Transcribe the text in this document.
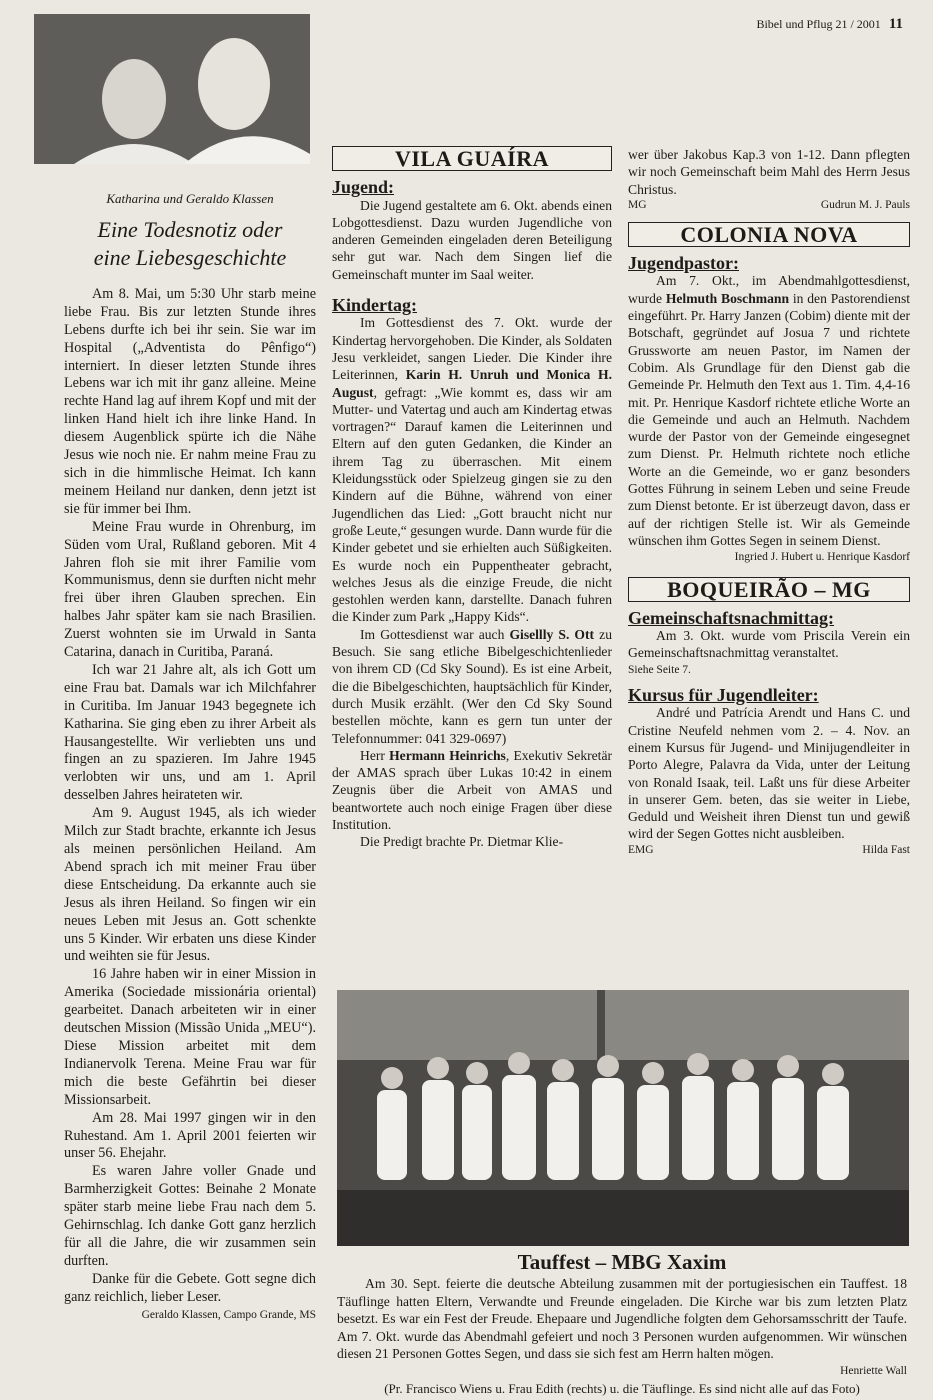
Bibel und Pflug 21 / 2001 11
Katharina und Geraldo Klassen
Eine Todesnotiz oder
eine Liebesgeschichte

Am 8. Mai, um 5:30 Uhr starb meine liebe Frau. Bis zur letzten Stunde ihres Lebens durfte ich bei ihr sein. Sie war im Hospital („Adventista do Pênfigo“) interniert. In dieser letzten Stunde ihres Lebens war ich mit ihr ganz alleine. Meine rechte Hand lag auf ihrem Kopf und mit der linken Hand hielt ich ihre linke Hand. In diesem Augenblick spürte ich die Nähe Jesus wie noch nie. Er nahm meine Frau zu sich in die himmlische Heimat. Ich kann meinem Heiland nur danken, denn jetzt ist sie für immer bei Ihm.

Meine Frau wurde in Ohrenburg, im Süden vom Ural, Rußland geboren. Mit 4 Jahren floh sie mit ihrer Familie vom Kommunismus, denn sie durften nicht mehr frei über ihren Glauben sprechen. Ein halbes Jahr später kam sie nach Brasilien. Zuerst wohnten sie im Urwald in Santa Catarina, danach in Curitiba, Paraná.

Ich war 21 Jahre alt, als ich Gott um eine Frau bat. Damals war ich Milchfahrer in Curitiba. Im Januar 1943 begegnete ich Katharina. Sie ging eben zu ihrer Arbeit als Hausangestellte. Wir verliebten uns und fingen an zu spazieren. Im Jahre 1945 verlobten wir uns, und am 1. April desselben Jahres heirateten wir.

Am 9. August 1945, als ich wieder Milch zur Stadt brachte, erkannte ich Jesus als meinen persönlichen Heiland. Am Abend sprach ich mit meiner Frau über diese Entscheidung. Da erkannte auch sie Jesus als ihren Heiland. So fingen wir ein neues Leben mit Jesus an. Gott schenkte uns 5 Kinder. Wir erbaten uns diese Kinder und weihten sie für Jesus.

16 Jahre haben wir in einer Mission in Amerika (Sociedade missionária oriental) gearbeitet. Danach arbeiteten wir in einer deutschen Mission (Missão Unida „MEU“). Diese Mission arbeitet mit dem Indianervolk Terena. Meine Frau war für mich die beste Gefährtin bei dieser Missionsarbeit.

Am 28. Mai 1997 gingen wir in den Ruhestand. Am 1. April 2001 feierten wir unser 56. Ehejahr.

Es waren Jahre voller Gnade und Barmherzigkeit Gottes: Beinahe 2 Monate später starb meine liebe Frau nach dem 5. Gehirnschlag. Ich danke Gott ganz herzlich für all die Jahre, die wir zusammen sein durften.

Danke für die Gebete. Gott segne dich ganz reichlich, lieber Leser.

Geraldo Klassen, Campo Grande, MS
VILA GUAÍRA
Jugend:

Die Jugend gestaltete am 6. Okt. abends einen Lobgottesdienst. Dazu wurden Jugendliche von anderen Gemeinden eingeladen deren Beteiligung sehr gut war. Nach dem Singen lief die Gemeinschaft munter im Saal weiter.

Kindertag:

Im Gottesdienst des 7. Okt. wurde der Kindertag hervorgehoben. Die Kinder, als Soldaten Jesu verkleidet, sangen Lieder. Die Kinder ihre Leiterinnen, Karin H. Unruh und Monica H. August, gefragt: „Wie kommt es, dass wir am Mutter- und Vatertag und auch am Kindertag etwas vortragen?“ Darauf kamen die Leiterinnen und Eltern auf den guten Gedanken, die Kinder an ihrem Tag zu überraschen. Mit einem Kleidungsstück oder Spielzeug gingen sie zu den Kindern auf die Bühne, während von einer Jugendlichen das Lied: „Gott braucht nicht nur große Leute,“ gesungen wurde. Dann wurde für die Kinder gebetet und sie erhielten auch Süßigkeiten. Es wurde noch ein Puppentheater gebracht, welches Jesus als die einzige Freude, die nicht gestohlen werden kann, darstellte. Danach fuhren die Kinder zum Park „Happy Kids“.

Im Gottesdienst war auch Gisellly S. Ott zu Besuch. Sie sang etliche Bibelgeschichtenlieder von ihrem CD (Cd Sky Sound). Es ist eine Arbeit, die die Bibelgeschichten, hauptsächlich für Kinder, durch Musik erzählt. (Wer den Cd Sky Sound bestellen möchte, kann es gern tun unter der Telefonnummer: 041 329-0697)

Herr Hermann Heinrichs, Exekutiv Sekretär der AMAS sprach über Lukas 10:42 in einem Zeugnis über die Arbeit von AMAS und beantwortete auch noch einige Fragen über diese Institution.

Die Predigt brachte Pr. Dietmar Klie-

wer über Jakobus Kap.3 von 1-12. Dann pflegten wir noch Gemeinschaft beim Mahl des Herrn Jesus Christus.

MG	Gudrun M. J. Pauls
COLONIA NOVA
Jugendpastor:

Am 7. Okt., im Abendmahlgottesdienst, wurde Helmuth Boschmann in den Pastorendienst eingeführt. Pr. Harry Janzen (Cobim) diente mit der Botschaft, gegründet auf Josua 7 und richtete Grussworte am neuen Pastor, im Namen der Cobim. Als Grundlage für den Dienst gab die Gemeinde Pr. Helmuth den Text aus 1. Tim. 4,4-16 mit. Pr. Henrique Kasdorf richtete etliche Worte an die Gemeinde und auch an Helmuth. Nachdem wurde der Pastor von der Gemeinde eingesegnet zum Dienst. Pr. Helmuth richtete noch etliche Worte an die Gemeinde, wo er ganz besonders Gottes Führung in seinem Leben und seine Freude zum Dienst betonte. Er ist überzeugt davon, dass er auf der richtigen Stelle ist. Wir als Gemeinde wünschen ihm Gottes Segen in seinem Dienst.

Ingried J. Hubert u. Henrique Kasdorf
BOQUEIRÃO – MG
Gemeinschaftsnachmittag:

Am 3. Okt. wurde vom Priscila Verein ein Gemeinschaftsnachmittag veranstaltet.

Siehe Seite 7.
Kursus für Jugendleiter:

André und Patrícia Arendt und Hans C. und Cristine Neufeld nehmen vom 2. – 4. Nov. an einem Kursus für Jugend- und Minijugendleiter in Porto Alegre, Palavra da Vida, unter der Leitung von Ronald Isaak, teil. Laßt uns für diese Arbeiter in unserer Gem. beten, das sie weiter in Liebe, Geduld und Weisheit ihren Dienst tun und gewiß wird der Segen Gottes nicht ausbleiben.

EMG	Hilda Fast
Tauffest – MBG Xaxim

Am 30. Sept. feierte die deutsche Abteilung zusammen mit der portugiesischen ein Tauffest. 18 Täuflinge hatten Eltern, Verwandte und Freunde eingeladen. Die Kirche war bis zum letzten Platz besetzt. Es war ein Fest der Freude. Ehepaare und Jugendliche folgten dem Gehorsamsschritt der Taufe. Am 7. Okt. wurde das Abendmahl gefeiert und noch 3 Personen wurden aufgenommen. Wir wünschen diesen 21 Personen Gottes Segen, und dass sie sich fest am Herrn halten mögen.

Henriette Wall
(Pr. Francisco Wiens u. Frau Edith (rechts) u. die Täuflinge. Es sind nicht alle auf das Foto)
